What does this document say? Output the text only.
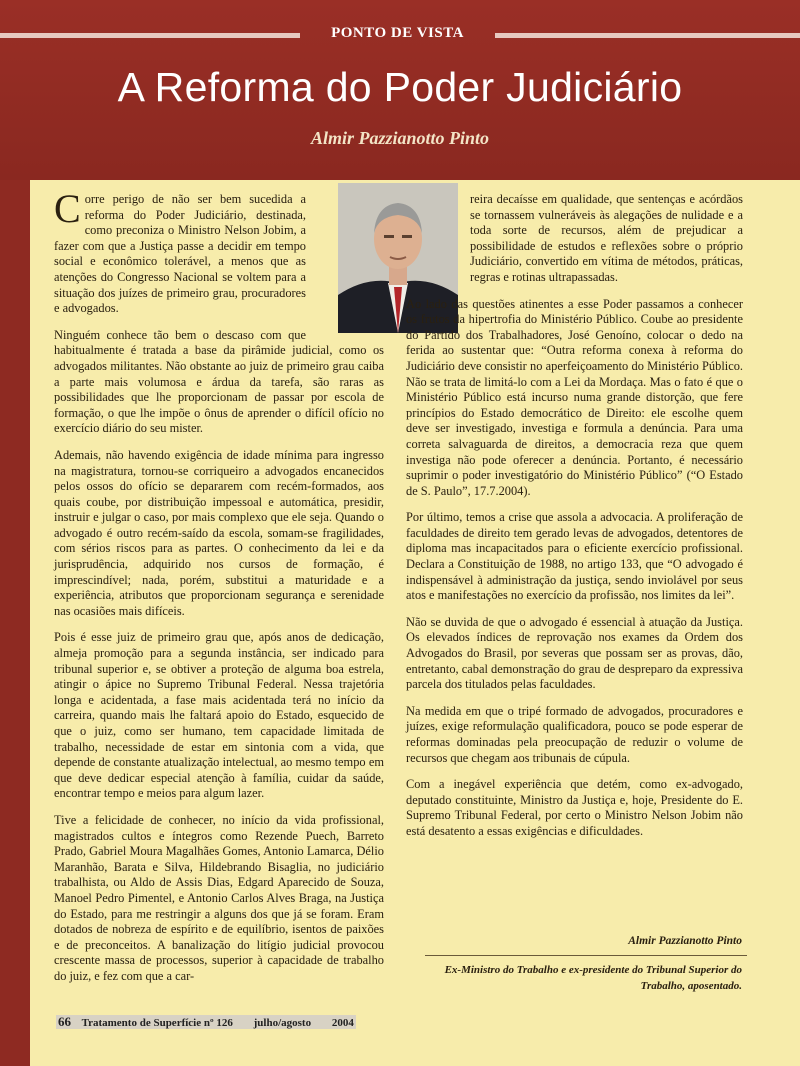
PONTO DE VISTA
A Reforma do Poder Judiciário
Almir Pazzianotto Pinto

Corre perigo de não ser bem sucedida a reforma do Poder Judiciário, destinada, como preconiza o Ministro Nelson Jobim, a fazer com que a Justiça passe a decidir em tempo social e econômico tolerável, a menos que as atenções do Congresso Nacional se voltem para a situação dos juízes de primeiro grau, procuradores e advogados.

Ninguém conhece tão bem o descaso com que habitualmente é tratada a base da pirâmide judicial, como os advogados militantes. Não obstante ao juiz de primeiro grau caiba a parte mais volumosa e árdua da tarefa, são raras as possibilidades que lhe proporcionam de passar por escola de formação, o que lhe impõe o ônus de aprender o difícil ofício no exercício diário do seu mister.

Ademais, não havendo exigência de idade mínima para ingresso na magistratura, tornou-se corriqueiro a advogados encanecidos pelos ossos do ofício se depararem com recém-formados, aos quais coube, por distribuição impessoal e automática, presidir, instruir e julgar o caso, por mais complexo que ele seja. Quando o advogado é outro recém-saído da escola, somam-se fragilidades, com sérios riscos para as partes. O conhecimento da lei e da jurisprudência, adquirido nos cursos de formação, é imprescindível; nada, porém, substitui a maturidade e a experiência, atributos que proporcionam segurança e serenidade nas ocasiões mais difíceis.

Pois é esse juiz de primeiro grau que, após anos de dedicação, almeja promoção para a segunda instância, ser indicado para tribunal superior e, se obtiver a proteção de alguma boa estrela, atingir o ápice no Supremo Tribunal Federal. Nessa trajetória longa e acidentada, a fase mais acidentada terá no início da carreira, quando mais lhe faltará apoio do Estado, esquecido de que o juiz, como ser humano, tem capacidade limitada de trabalho, necessidade de estar em sintonia com a vida, que depende de constante atualização intelectual, ao mesmo tempo em que deve dedicar especial atenção à família, cuidar da saúde, encontrar tempo e meios para algum lazer.

Tive a felicidade de conhecer, no início da vida profissional, magistrados cultos e íntegros como Rezende Puech, Barreto Prado, Gabriel Moura Magalhães Gomes, Antonio Lamarca, Délio Maranhão, Barata e Silva, Hildebrando Bisaglia, no judiciário trabalhista, ou Aldo de Assis Dias, Edgard Aparecido de Souza, Manoel Pedro Pimentel, e Antonio Carlos Alves Braga, na Justiça do Estado, para me restringir a alguns dos que já se foram. Eram dotados de nobreza de espírito e de equilíbrio, isentos de paixões e de preconceitos. A banalização do litígio judicial provocou crescente massa de processos, superior à capacidade de trabalho do juiz, e fez com que a car-

reira decaísse em qualidade, que sentenças e acórdãos se tornassem vulneráveis às alegações de nulidade e a toda sorte de recursos, além de prejudicar a possibilidade de estudos e reflexões sobre o próprio Judiciário, convertido em vítima de métodos, práticas, regras e rotinas ultrapassadas.

Ao lado das questões atinentes a esse Poder passamos a conhecer os frutos da hipertrofia do Ministério Público. Coube ao presidente do Partido dos Trabalhadores, José Genoíno, colocar o dedo na ferida ao sustentar que: “Outra reforma conexa à reforma do Judiciário deve consistir no aperfeiçoamento do Ministério Público. Não se trata de limitá-lo com a Lei da Mordaça. Mas o fato é que o Ministério Público está incurso numa grande distorção, que fere princípios do Estado democrático de Direito: ele escolhe quem deve ser investigado, investiga e formula a denúncia. Para uma correta salvaguarda de direitos, a democracia reza que quem investiga não pode oferecer a denúncia. Portanto, é necessário suprimir o poder investigatório do Ministério Público” (“O Estado de S. Paulo”, 17.7.2004).

Por último, temos a crise que assola a advocacia. A proliferação de faculdades de direito tem gerado levas de advogados, detentores de diploma mas incapacitados para o eficiente exercício profissional. Declara a Constituição de 1988, no artigo 133, que “O advogado é indispensável à administração da justiça, sendo inviolável por seus atos e manifestações no exercício da profissão, nos limites da lei”.

Não se duvida de que o advogado é essencial à atuação da Justiça. Os elevados índices de reprovação nos exames da Ordem dos Advogados do Brasil, por severas que possam ser as provas, dão, entretanto, cabal demonstração do grau de despreparo da expressiva parcela dos titulados pelas faculdades.

Na medida em que o tripé formado de advogados, procuradores e juízes, exige reformulação qualificadora, pouco se pode esperar de reformas dominadas pela preocupação de reduzir o volume de recursos que chegam aos tribunais de cúpula.

Com a inegável experiência que detém, como ex-advogado, deputado constituinte, Ministro da Justiça e, hoje, Presidente do E. Supremo Tribunal Federal, por certo o Ministro Nelson Jobim não está desatento a essas exigências e dificuldades.

Almir Pazzianotto Pinto
Ex-Ministro do Trabalho e ex-presidente do Tribunal Superior do Trabalho, aposentado.
66 Tratamento de Superfície nº 126 julho/agosto 2004
